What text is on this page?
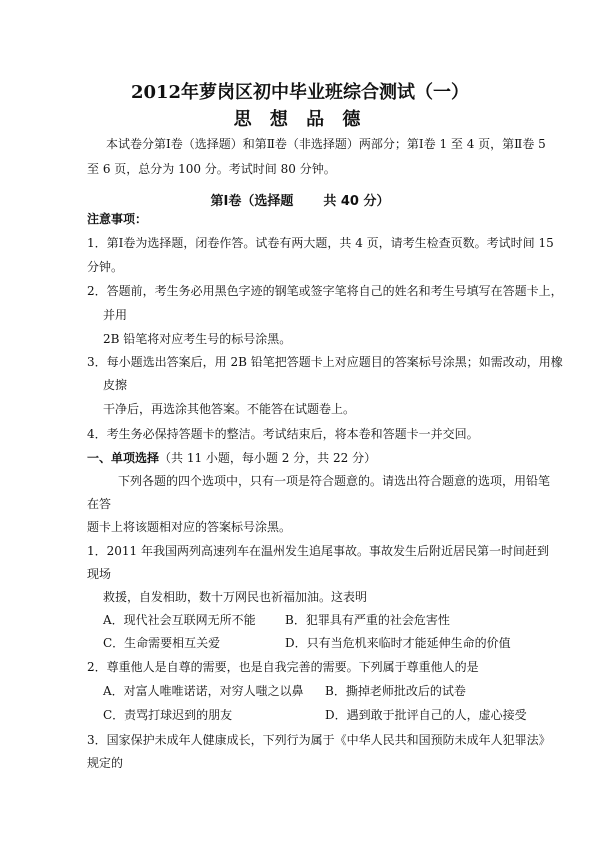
2012年萝岗区初中毕业班综合测试（一）
思 想 品 德
本试卷分第Ⅰ卷（选择题）和第Ⅱ卷（非选择题）两部分；第Ⅰ卷 1 至 4 页，第Ⅱ卷 5
至 6 页，总分为 100 分。考试时间 80 分钟。
第Ⅰ卷（选择题 共 40 分）
注意事项：
1．第Ⅰ卷为选择题，闭卷作答。试卷有两大题，共 4 页，请考生检查页数。考试时间 15
分钟。
2．答题前，考生务必用黑色字迹的钢笔或签字笔将自己的姓名和考生号填写在答题卡上，
并用
2B 铅笔将对应考生号的标号涂黑。
3．每小题选出答案后，用 2B 铅笔把答题卡上对应题目的答案标号涂黑；如需改动，用橡
皮擦
干净后，再选涂其他答案。不能答在试题卷上。
4．考生务必保持答题卡的整洁。考试结束后，将本卷和答题卡一并交回。
一、单项选择（共 11 小题，每小题 2 分，共 22 分）
下列各题的四个选项中，只有一项是符合题意的。请选出符合题意的选项，用铅笔
在答
题卡上将该题相对应的答案标号涂黑。
1．2011 年我国两列高速列车在温州发生追尾事故。事故发生后附近居民第一时间赶到
现场
救援，自发相助，数十万网民也祈福加油。这表明
A．现代社会互联网无所不能 B．犯罪具有严重的社会危害性
C．生命需要相互关爱	D．只有当危机来临时才能延伸生命的价值
2．尊重他人是自尊的需要，也是自我完善的需要。下列属于尊重他人的是
A．对富人唯唯诺诺，对穷人嗤之以鼻 B．撕掉老师批改后的试卷
C．责骂打球迟到的朋友	D．遇到敢于批评自己的人，虚心接受
3．国家保护未成年人健康成长，下列行为属于《中华人民共和国预防未成年人犯罪法》
规定的
